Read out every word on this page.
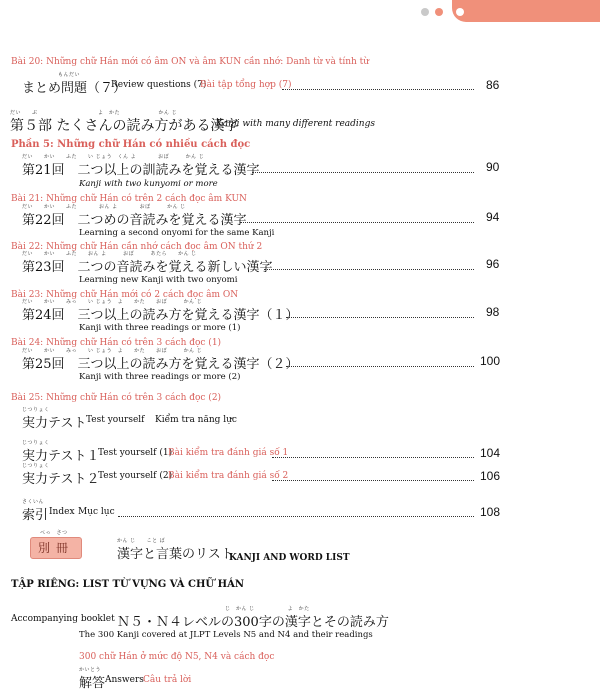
Bài 20: Những chữ Hán mới có âm ON và âm KUN cần nhớ: Danh từ và tính từ
もんだい
まとめ問題（７）
Review questions (7)
Bài tập tổng hợp (7)	86
だい　　ぶ　　　　　　　　　　　よ　かた　　　　　　　かん じ
第５部 たくさんの読み方がある漢字
Kanji with many different readings
Phần 5: Những chữ Hán có nhiều cách đọc
だい　　かい　　ふた　　い じょう　くん よ　　　　おぼ　　　かん じ
第21回　二つ以上の訓読みを覚える漢字	90
Kanji with two kunyomi or more
Bài 21: Những chữ Hán có trên 2 cách đọc âm KUN
だい　　かい　　ふた　　　　おん よ　　　　おぼ　　　かん じ
第22回　二つめの音読みを覚える漢字	94
Learning a second onyomi for the same Kanji
Bài 22: Những chữ Hán cần nhớ cách đọc âm ON thứ 2
だい　　かい　　ふた　　おん よ　　　おぼ　　　あたら　　かん じ
第23回　二つの音読みを覚える新しい漢字	96
Learning new Kanji with two onyomi
Bài 23: Những chữ Hán mới có 2 cách đọc âm ON
だい　　かい　　みっ　　い じょう　よ　　かた　　おぼ　　　かん じ
第24回　三つ以上の読み方を覚える漢字（１）	98
Kanji with three readings or more (1)
Bài 24: Những chữ Hán có trên 3 cách đọc (1)
だい　　かい　　みっ　　い じょう　よ　　かた　　おぼ　　　かん じ
第25回　三つ以上の読み方を覚える漢字（２）	100
Kanji with three readings or more (2)
Bài 25: Những chữ Hán có trên 3 cách đọc (2)
じつりょく
実力テスト Test yourself Kiểm tra năng lực
じつりょく
実力テスト１
Test yourself (1)
Bài kiểm tra đánh giá số 1	104
じつりょく
実力テスト２
Test yourself (2)
Bài kiểm tra đánh giá số 2	106
さくいん
索引 Index Mục lục	108
べっ　さつ
別冊	かん じ　　こと ば
漢字と言葉のリスト
KANJI AND WORD LIST
TẬP RIÊNG: LIST TỪ VỰNG VÀ CHỮ HÁN
じ　かん じ　　　　　　よ　かた
Accompanying booklet Ｎ５・Ｎ４レベルの300字の漢字とその読み方
The 300 Kanji covered at JLPT Levels N5 and N4 and their readings
300 chữ Hán ở mức độ N5, N4 và cách đọc
かいとう
解答 Answers Câu trả lời
